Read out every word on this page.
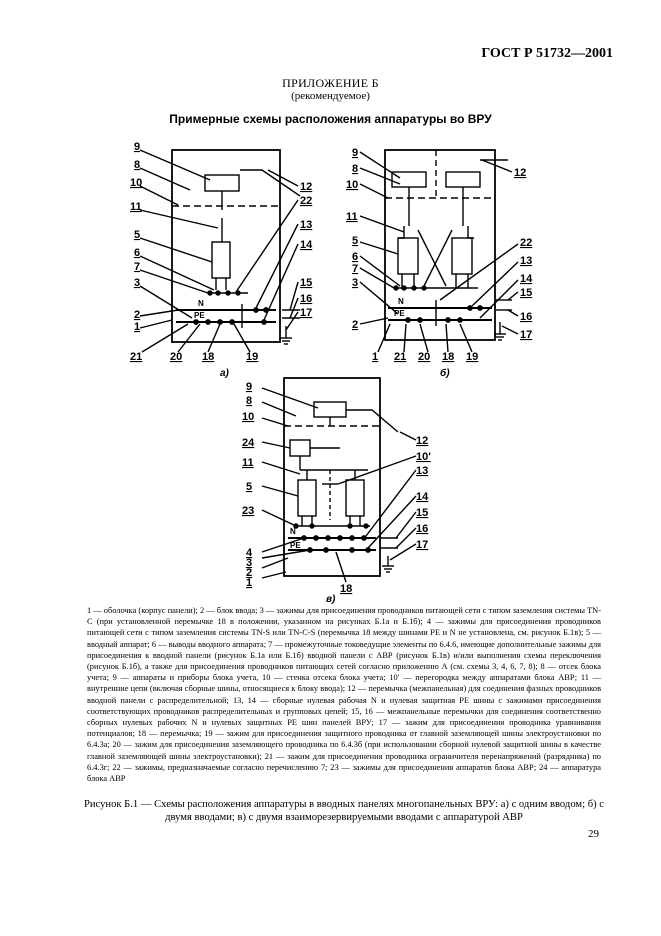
ГОСТ Р 51732—2001
ПРИЛОЖЕНИЕ Б
(рекомендуемое)
Примерные схемы расположения аппаратуры во ВРУ
9
8
10
11
5
6
7
3
2
1
12
22
13
14
15
16
17
21	20 18	19
N
PE
а)
9
8
10
11
5
6
7
3
2
12
22
13
14
15
16
17
1 21 20 18 19
N
PE
б)
9
8
10
24
11
5
23
4
3
2
1
12
10'
13
14
15
16
17
18
N
PE
в)
1 — оболочка (корпус панели); 2 — блок ввода; 3 — зажимы для присоединения проводников питающей сети с типом заземления системы TN-C (при установленной перемычке 18 в положении, указанном на рисунках Б.1а и Б.1б); 4 — зажимы для присоединения проводников питающей сети с типом заземления системы TN-S или TN-C-S (перемычка 18 между шинами PE и N не установлена, см. рисунок Б.1в); 5 — вводный аппарат; 6 — выводы вводного аппарата; 7 — промежуточные токоведущие элементы по 6.4.6, имеющие дополнительные зажимы для присоединения к вводной панели (рисунок Б.1а или Б.1б) вводной панели с АВР (рисунок Б.1в) и/или выполнения схемы переключения (рисунок Б.1б), а также для присоединения проводников питающих сетей согласно приложению А (см. схемы 3, 4, 6, 7, 8); 8 — отсек блока учета; 9 — аппараты и приборы блока учета, 10 — стенка отсека блока учета; 10′ — перегородка между аппаратами блока АВР; 11 — внутренние цепи (включая сборные шины, относящиеся к блоку ввода); 12 — перемычка (межпанельная) для соединения фазных проводников вводной панели с распределительной; 13, 14 — сборные нулевая рабочая N и нулевая защитная PE шины с зажимами присоединения соответствующих проводников распределительных и групповых цепей; 15, 16 — межпанельные перемычки для соединения соответственно сборных нулевых рабочих N и нулевых защитных PE шин панелей ВРУ; 17 — зажим для присоединения проводника уравнивания потенциалов; 18 — перемычка; 19 — зажим для присоединения защитного проводника от главной заземляющей шины электроустановки по 6.4.3а; 20 — зажим для присоединения заземляющего проводника по 6.4.3б (при использовании сборной нулевой защитной шины в качестве главной заземляющей шины электроустановки); 21 — зажим для присоединения проводника ограничителя перенапряжений (разрядника) по 6.4.3г; 22 — зажимы, предназначаемые согласно перечислению 7; 23 — зажимы для присоединения аппаратов блока АВР; 24 — аппаратура блока АВР
Рисунок Б.1 — Схемы расположения аппаратуры в вводных панелях многопанельных ВРУ: а) с одним вводом; б) с двумя вводами; в) с двумя взаиморезервируемыми вводами с аппаратурой АВР
29
